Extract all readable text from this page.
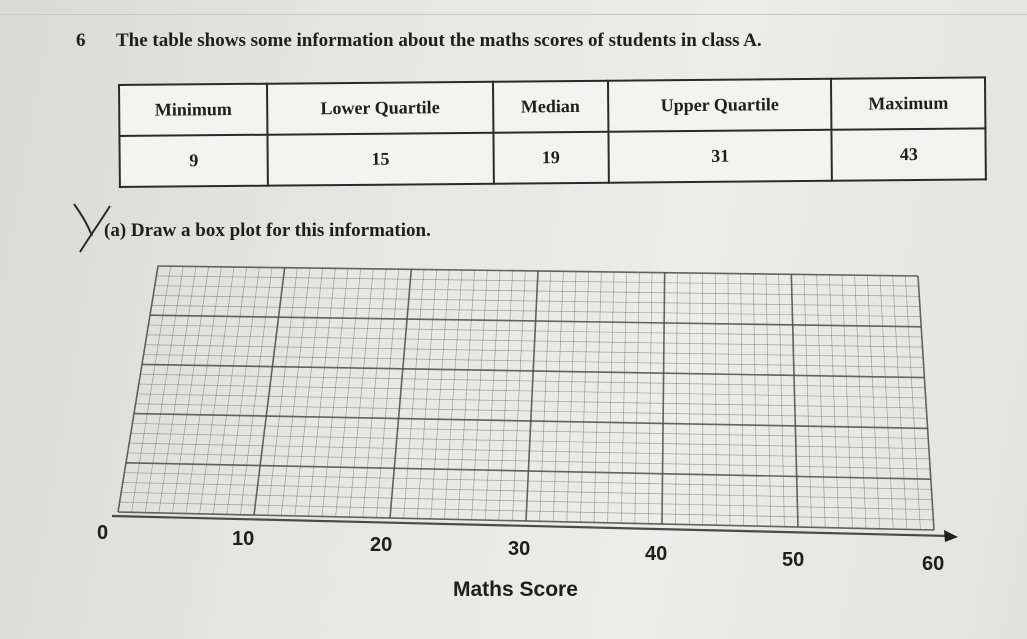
6 The table shows some information about the maths scores of students in class A.
Minimum	Lower Quartile	Median	Upper Quartile	Maximum
9	15	19	31	43
(a) Draw a box plot for this information.
0	10	20	30	40	50	60
Maths Score
